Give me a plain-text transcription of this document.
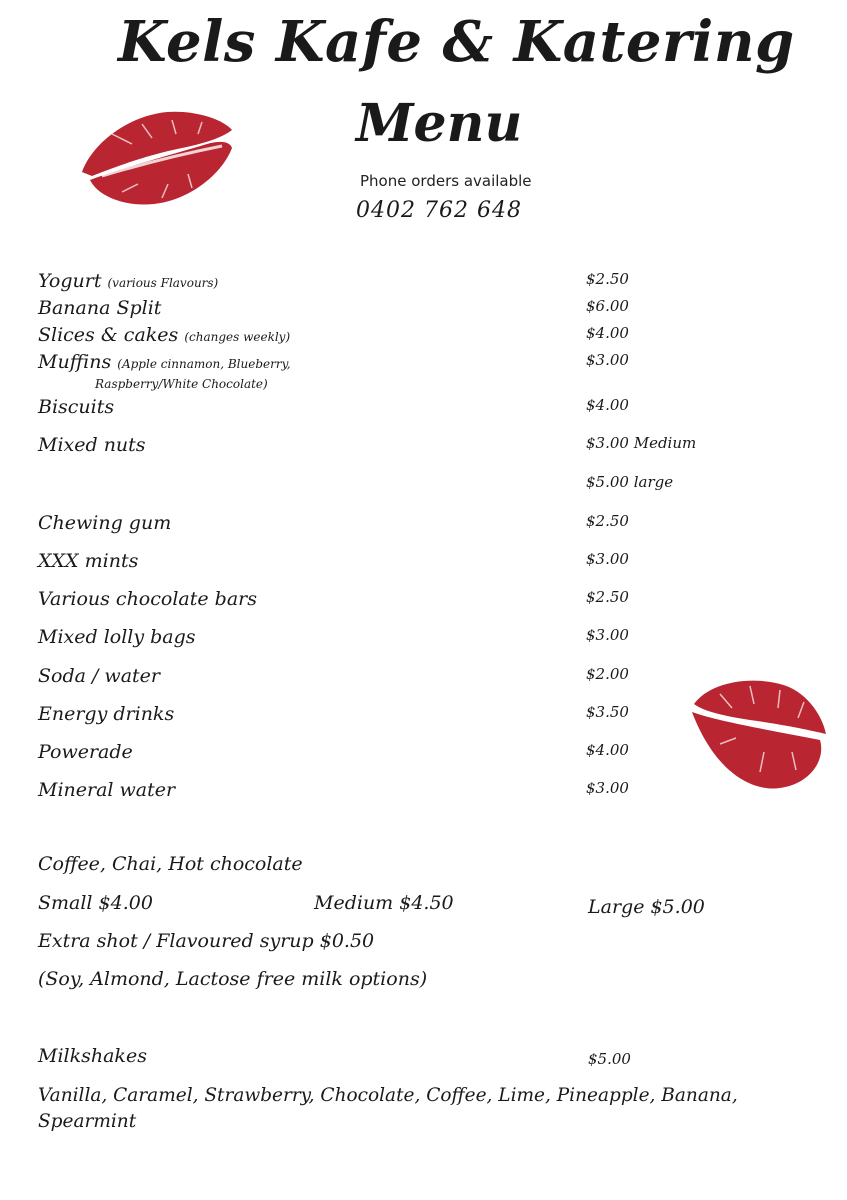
Kels Kafe & Katering
Menu
Phone orders available
0402 762 648
Yogurt (various Flavours)	$2.50
Banana Split	$6.00
Slices & cakes (changes weekly)	$4.00
Muffins (Apple cinnamon, Blueberry,
Raspberry/White Chocolate)
$3.00
Biscuits	$4.00
Mixed nuts	$3.00 Medium
$5.00 large
Chewing gum	$2.50
XXX mints	$3.00
Various chocolate bars	$2.50
Mixed lolly bags	$3.00
Soda / water	$2.00
Energy drinks	$3.50
Powerade	$4.00
Mineral water	$3.00
Coffee, Chai, Hot chocolate
Small $4.00	Medium $4.50	Large $5.00
Extra shot / Flavoured syrup $0.50
(Soy, Almond, Lactose free milk options)
Milkshakes	$5.00
Vanilla, Caramel, Strawberry, Chocolate, Coffee, Lime, Pineapple, Banana,
Spearmint
